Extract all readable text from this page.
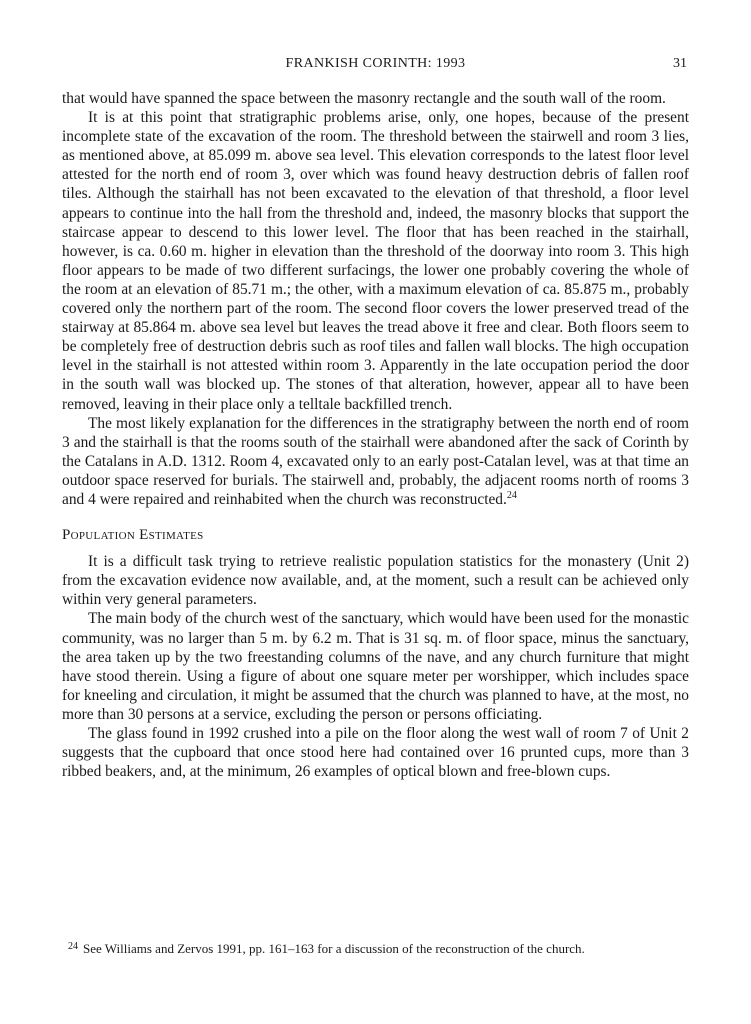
FRANKISH CORINTH: 1993	31

that would have spanned the space between the masonry rectangle and the south wall of the room.

It is at this point that stratigraphic problems arise, only, one hopes, because of the present incomplete state of the excavation of the room. The threshold between the stairwell and room 3 lies, as mentioned above, at 85.099 m. above sea level. This elevation corresponds to the latest floor level attested for the north end of room 3, over which was found heavy destruction debris of fallen roof tiles. Although the stairhall has not been excavated to the elevation of that threshold, a floor level appears to continue into the hall from the threshold and, indeed, the masonry blocks that support the staircase appear to descend to this lower level. The floor that has been reached in the stairhall, however, is ca. 0.60 m. higher in elevation than the threshold of the doorway into room 3. This high floor appears to be made of two different surfacings, the lower one probably covering the whole of the room at an elevation of 85.71 m.; the other, with a maximum elevation of ca. 85.875 m., probably covered only the northern part of the room. The second floor covers the lower preserved tread of the stairway at 85.864 m. above sea level but leaves the tread above it free and clear. Both floors seem to be completely free of destruction debris such as roof tiles and fallen wall blocks. The high occupation level in the stairhall is not attested within room 3. Apparently in the late occupation period the door in the south wall was blocked up. The stones of that alteration, however, appear all to have been removed, leaving in their place only a telltale backfilled trench.

The most likely explanation for the differences in the stratigraphy between the north end of room 3 and the stairhall is that the rooms south of the stairhall were abandoned after the sack of Corinth by the Catalans in A.D. 1312. Room 4, excavated only to an early post-Catalan level, was at that time an outdoor space reserved for burials. The stairwell and, probably, the adjacent rooms north of rooms 3 and 4 were repaired and reinhabited when the church was reconstructed.$^{24}$

Population Estimates

It is a difficult task trying to retrieve realistic population statistics for the monastery (Unit 2) from the excavation evidence now available, and, at the moment, such a result can be achieved only within very general parameters.

The main body of the church west of the sanctuary, which would have been used for the monastic community, was no larger than 5 m. by 6.2 m. That is 31 sq. m. of floor space, minus the sanctuary, the area taken up by the two freestanding columns of the nave, and any church furniture that might have stood therein. Using a figure of about one square meter per worshipper, which includes space for kneeling and circulation, it might be assumed that the church was planned to have, at the most, no more than 30 persons at a service, excluding the person or persons officiating.

The glass found in 1992 crushed into a pile on the floor along the west wall of room 7 of Unit 2 suggests that the cupboard that once stood here had contained over 16 prunted cups, more than 3 ribbed beakers, and, at the minimum, 26 examples of optical blown and free-blown cups.

$^{24}$ See Williams and Zervos 1991, pp. 161–163 for a discussion of the reconstruction of the church.
